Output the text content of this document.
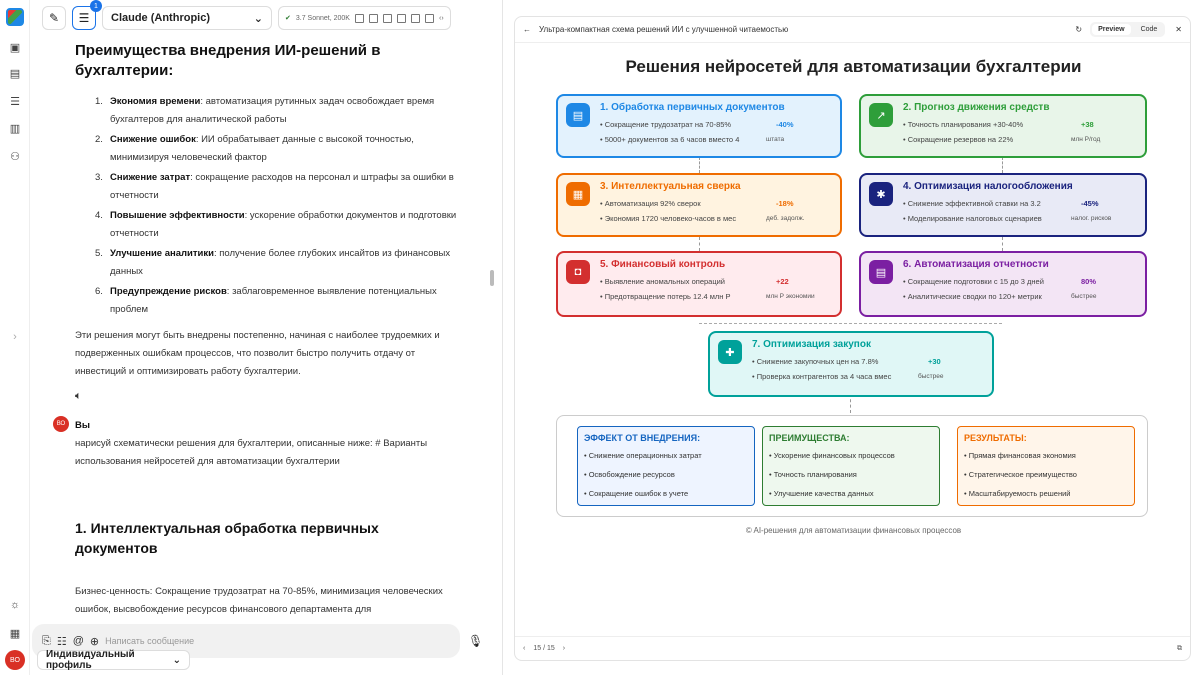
▣
▤
☰
▥
⚇
›
☼
▦
ВО
✎ ☰
1
Claude (Anthropic)	⌄	✔ 3.7 Sonnet, 200K	‹›
Преимущества внедрения ИИ-решений в бухгалтерии:
1. Экономия времени: автоматизация рутинных задач освобождает время бухгалтеров для аналитической работы
2. Снижение ошибок: ИИ обрабатывает данные с высокой точностью, минимизируя человеческий фактор
3. Снижение затрат: сокращение расходов на персонал и штрафы за ошибки в отчетности
4. Повышение эффективности: ускорение обработки документов и подготовки отчетности
5. Улучшение аналитики: получение более глубоких инсайтов из финансовых данных
6. Предупреждение рисков: заблаговременное выявление потенциальных проблем
Эти решения могут быть внедрены постепенно, начиная с наиболее трудоемких и подверженных ошибкам процессов, что позволит быстро получить отдачу от инвестиций и оптимизировать работу бухгалтерии.
🔈︎
ВО	Вы
нарисуй схематически решения для бухгалтерии, описанные ниже: # Варианты использования нейросетей для автоматизации бухгалтерии
1. Интеллектуальная обработка первичных документов
Бизнес-ценность: Сокращение трудозатрат на 70-85%, минимизация человеческих ошибок, высвобождение ресурсов финансового департамента для
⎘ ☷ @ ⊕ Написать сообщение	🎙︎
Индивидуальный профиль	⌄
← Ультра-компактная схема решений ИИ с улучшенной читаемостью	↻	Preview	Code	✕
Решения нейросетей для автоматизации бухгалтерии
▤
1. Обработка первичных документов
• Сокращение трудозатрат на 70-85%	-40%
• 5000+ документов за 6 часов вместо 4	штата
↗
2. Прогноз движения средств
• Точность планирования +30-40%	+38
• Сокращение резервов на 22%	млн Р/год
▦
3. Интеллектуальная сверка
• Автоматизация 92% сверок	-18%
• Экономия 1720 человеко-часов в мес	деб. задолж.
✱
4. Оптимизация налогообложения
• Снижение эффективной ставки на 3.2	-45%
• Моделирование налоговых сценариев	налог. рисков
◘
5. Финансовый контроль
• Выявление аномальных операций	+22
• Предотвращение потерь 12.4 млн Р	млн Р экономии
▤
6. Автоматизация отчетности
• Сокращение подготовки с 15 до 3 дней	80%
• Аналитические сводки по 120+ метрик	быстрее
✚
7. Оптимизация закупок
• Снижение закупочных цен на 7.8%	+30
• Проверка контрагентов за 4 часа вмес	быстрее
ЭФФЕКТ ОТ ВНЕДРЕНИЯ:
• Снижение операционных затрат
• Освобождение ресурсов
• Сокращение ошибок в учете
ПРЕИМУЩЕСТВА:
• Ускорение финансовых процессов
• Точность планирования
• Улучшение качества данных
РЕЗУЛЬТАТЫ:
• Прямая финансовая экономия
• Стратегическое преимущество
• Масштабируемость решений
© AI-решения для автоматизации финансовых процессов
‹ 15 / 15 ›	⧉
